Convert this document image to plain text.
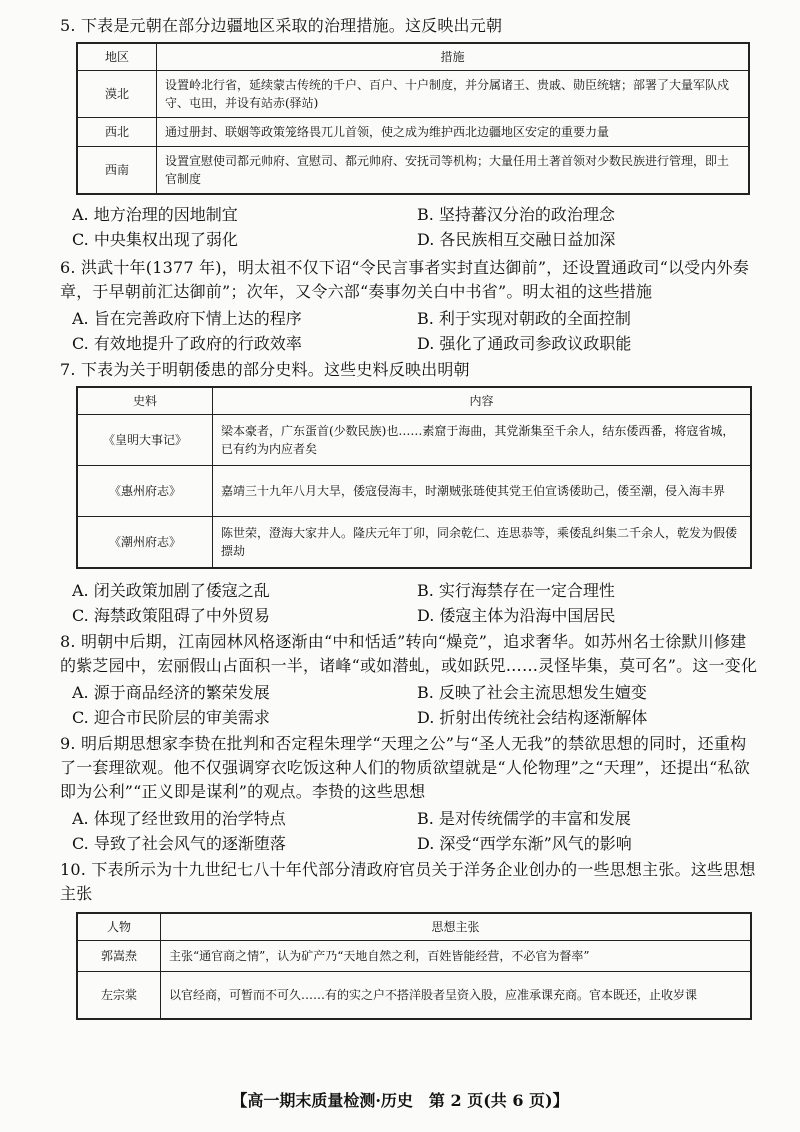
5. 下表是元朝在部分边疆地区采取的治理措施。这反映出元朝

地区	措施
漠北	设置岭北行省，延续蒙古传统的千户、百户、十户制度，并分属诸王、贵戚、勋臣统辖；部署了大量军队戍守、屯田，并设有站赤(驿站)
西北	通过册封、联姻等政策笼络畏兀儿首领，使之成为维护西北边疆地区安定的重要力量
西南	设置宣慰使司都元帅府、宣慰司、都元帅府、安抚司等机构；大量任用土著首领对少数民族进行管理，即土官制度
A. 地方治理的因地制宜	B. 坚持蕃汉分治的政治理念
C. 中央集权出现了弱化	D. 各民族相互交融日益加深

6. 洪武十年(1377 年)，明太祖不仅下诏“令民言事者实封直达御前”，还设置通政司“以受内外奏章，于早朝前汇达御前”；次年，又令六部“奏事勿关白中书省”。明太祖的这些措施

A. 旨在完善政府下情上达的程序	B. 利于实现对朝政的全面控制
C. 有效地提升了政府的行政效率	D. 强化了通政司参政议政职能

7. 下表为关于明朝倭患的部分史料。这些史料反映出明朝

史料	内容
《皇明大事记》	梁本豪者，广东蛋首(少数民族)也……素窟于海曲，其党渐集至千余人，结东倭西番，将寇省城，已有约为内应者矣
《惠州府志》	嘉靖三十九年八月大旱，倭寇侵海丰，时潮贼张琏使其党王伯宣诱倭助己，倭至潮，侵入海丰界
《潮州府志》	陈世荣，澄海大家井人。隆庆元年丁卯，同余乾仁、连思恭等，乘倭乱纠集二千余人，乾发为假倭摽劫
A. 闭关政策加剧了倭寇之乱	B. 实行海禁存在一定合理性
C. 海禁政策阻碍了中外贸易	D. 倭寇主体为沿海中国居民

8. 明朝中后期，江南园林风格逐渐由“中和恬适”转向“燥竞”，追求奢华。如苏州名士徐默川修建的紫芝园中，宏丽假山占面积一半，诸峰“或如潜虬，或如跃兕……灵怪毕集，莫可名”。这一变化

A. 源于商品经济的繁荣发展	B. 反映了社会主流思想发生嬗变
C. 迎合市民阶层的审美需求	D. 折射出传统社会结构逐渐解体

9. 明后期思想家李贽在批判和否定程朱理学“天理之公”与“圣人无我”的禁欲思想的同时，还重构了一套理欲观。他不仅强调穿衣吃饭这种人们的物质欲望就是“人伦物理”之“天理”，还提出“私欲即为公利”“正义即是谋利”的观点。李贽的这些思想

A. 体现了经世致用的治学特点	B. 是对传统儒学的丰富和发展
C. 导致了社会风气的逐渐堕落	D. 深受“西学东渐”风气的影响

10. 下表所示为十九世纪七八十年代部分清政府官员关于洋务企业创办的一些思想主张。这些思想主张

人物	思想主张
郭嵩焘	主张“通官商之情”，认为矿产乃“天地自然之利，百姓皆能经营，不必官为督率”
左宗棠	以官经商，可暂而不可久……有的实之户不搭洋股者呈资入股，应准承课充商。官本既还，止收岁课
【高一期末质量检测·历史　第 2 页(共 6 页)】
